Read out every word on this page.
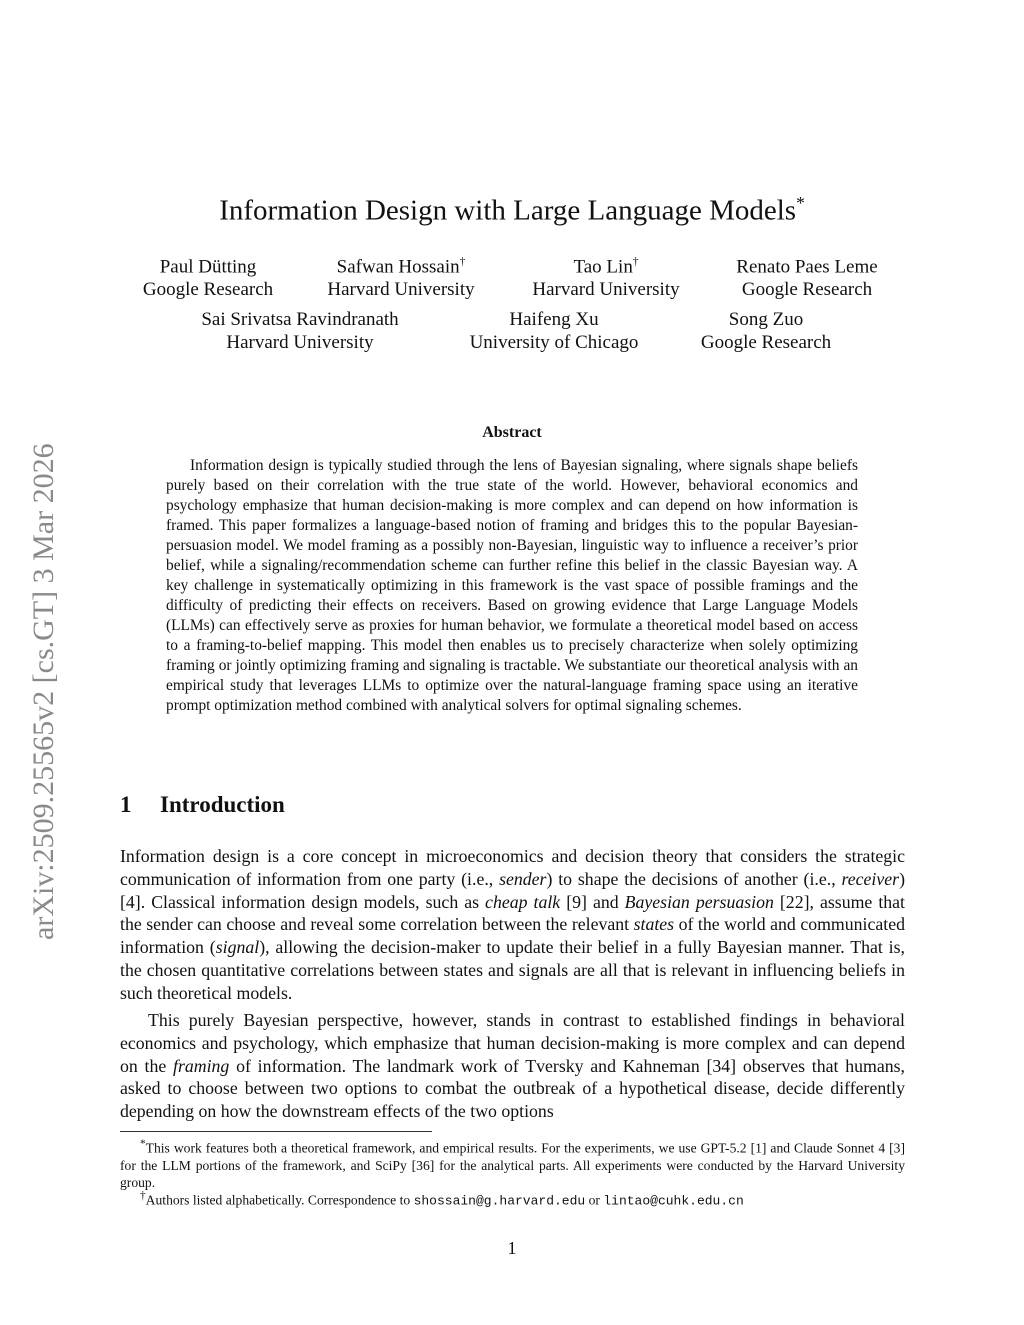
arXiv:2509.25565v2 [cs.GT] 3 Mar 2026
Information Design with Large Language Models*
Paul Dütting
Google Research
Safwan Hossain†
Harvard University
Tao Lin†
Harvard University
Renato Paes Leme
Google Research
Sai Srivatsa Ravindranath
Harvard University
Haifeng Xu
University of Chicago
Song Zuo
Google Research
Abstract

Information design is typically studied through the lens of Bayesian signaling, where signals shape beliefs purely based on their correlation with the true state of the world. However, behavioral economics and psychology emphasize that human decision-making is more complex and can depend on how information is framed. This paper formalizes a language-based notion of framing and bridges this to the popular Bayesian-persuasion model. We model framing as a possibly non-Bayesian, linguistic way to influence a receiver’s prior belief, while a signaling/recommendation scheme can further refine this belief in the classic Bayesian way. A key challenge in systematically optimizing in this framework is the vast space of possible framings and the difficulty of predicting their effects on receivers. Based on growing evidence that Large Language Models (LLMs) can effectively serve as proxies for human behavior, we formulate a theoretical model based on access to a framing-to-belief mapping. This model then enables us to precisely characterize when solely optimizing framing or jointly optimizing framing and signaling is tractable. We substantiate our theoretical analysis with an empirical study that leverages LLMs to optimize over the natural-language framing space using an iterative prompt optimization method combined with analytical solvers for optimal signaling schemes.

1 Introduction

Information design is a core concept in microeconomics and decision theory that considers the strategic communication of information from one party (i.e., sender) to shape the decisions of another (i.e., receiver) [4]. Classical information design models, such as cheap talk [9] and Bayesian persuasion [22], assume that the sender can choose and reveal some correlation between the relevant states of the world and communicated information (signal), allowing the decision-maker to update their belief in a fully Bayesian manner. That is, the chosen quantitative correlations between states and signals are all that is relevant in influencing beliefs in such theoretical models.

This purely Bayesian perspective, however, stands in contrast to established findings in behavioral economics and psychology, which emphasize that human decision-making is more complex and can depend on the framing of information. The landmark work of Tversky and Kahneman [34] observes that humans, asked to choose between two options to combat the outbreak of a hypothetical disease, decide differently depending on how the downstream effects of the two options

*This work features both a theoretical framework, and empirical results. For the experiments, we use GPT-5.2 [1] and Claude Sonnet 4 [3] for the LLM portions of the framework, and SciPy [36] for the analytical parts. All experiments were conducted by the Harvard University group.

†Authors listed alphabetically. Correspondence to shossain@g.harvard.edu or lintao@cuhk.edu.cn

1
